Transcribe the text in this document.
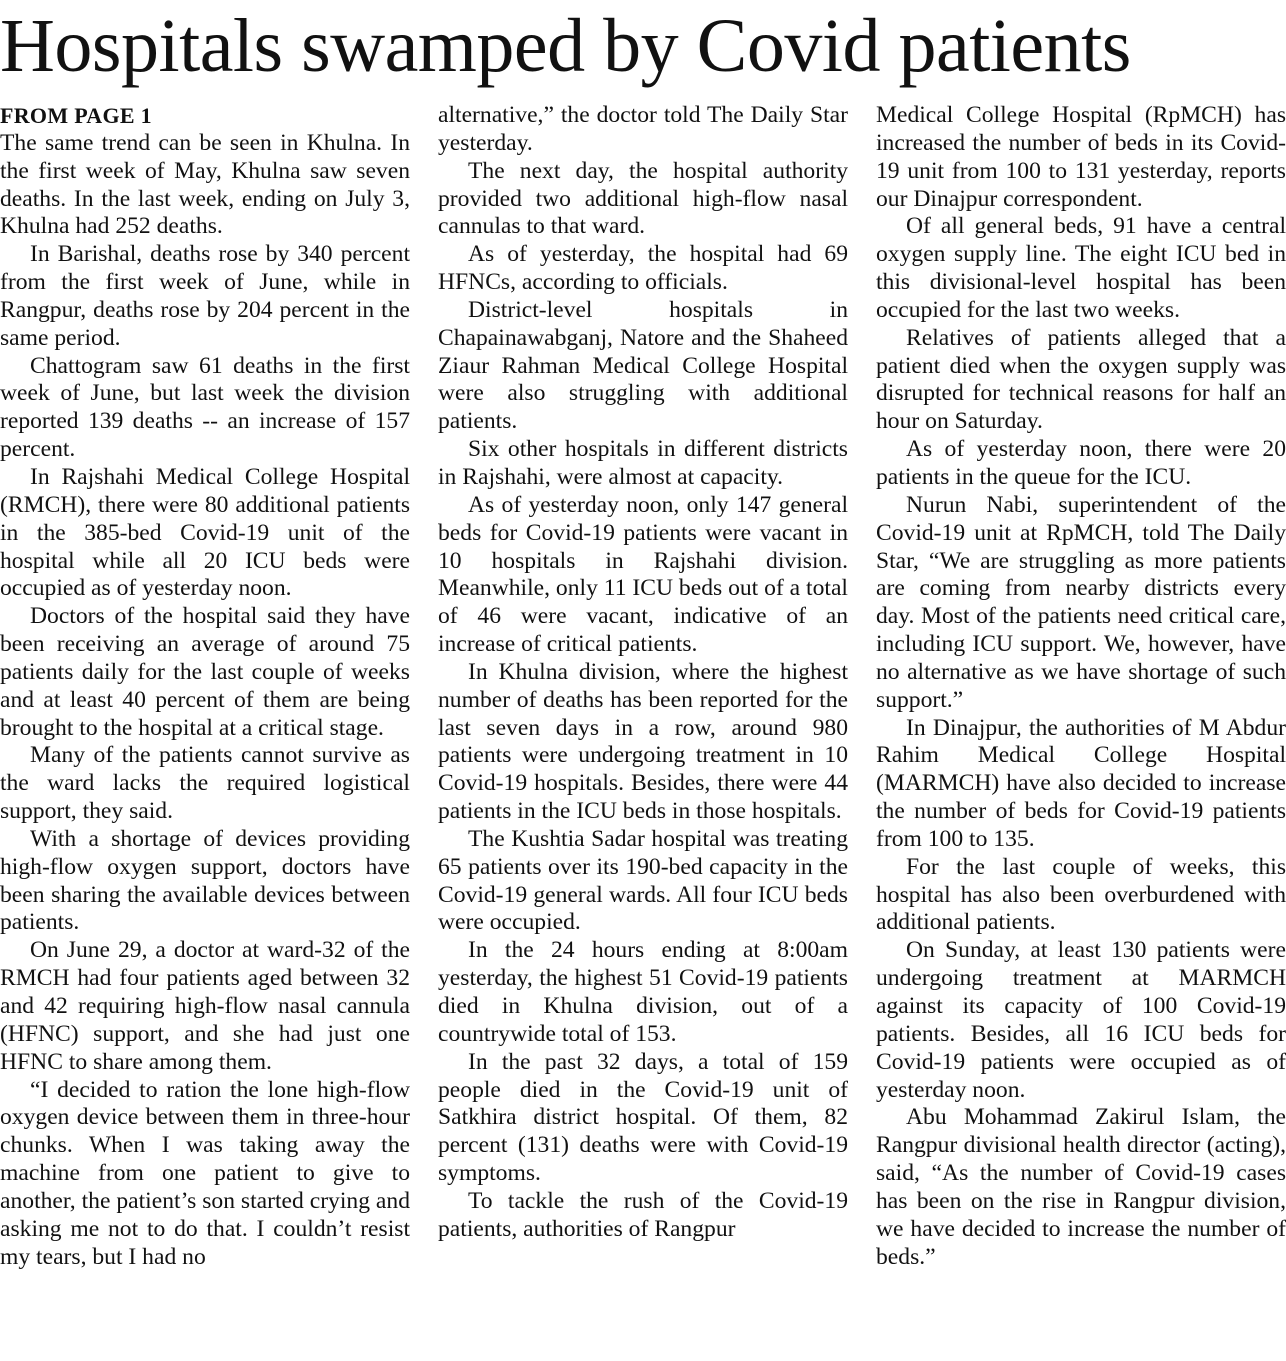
Hospitals swamped by Covid patients
FROM PAGE 1

The same trend can be seen in Khulna. In the first week of May, Khulna saw seven deaths. In the last week, ending on July 3, Khulna had 252 deaths.

In Barishal, deaths rose by 340 percent from the first week of June, while in Rangpur, deaths rose by 204 percent in the same period.

Chattogram saw 61 deaths in the first week of June, but last week the division reported 139 deaths -- an increase of 157 percent.

In Rajshahi Medical College Hospital (RMCH), there were 80 additional patients in the 385-bed Covid-19 unit of the hospital while all 20 ICU beds were occupied as of yesterday noon.

Doctors of the hospital said they have been receiving an average of around 75 patients daily for the last couple of weeks and at least 40 percent of them are being brought to the hospital at a critical stage.

Many of the patients cannot survive as the ward lacks the required logistical support, they said.

With a shortage of devices providing high-flow oxygen support, doctors have been sharing the available devices between patients.

On June 29, a doctor at ward-32 of the RMCH had four patients aged between 32 and 42 requiring high-flow nasal cannula (HFNC) support, and she had just one HFNC to share among them.

“I decided to ration the lone high-flow oxygen device between them in three-hour chunks. When I was taking away the machine from one patient to give to another, the patient’s son started crying and asking me not to do that. I couldn’t resist my tears, but I had no

alternative,” the doctor told The Daily Star yesterday.

The next day, the hospital authority provided two additional high-flow nasal cannulas to that ward.

As of yesterday, the hospital had 69 HFNCs, according to officials.

District-level hospitals in Chapainawabganj, Natore and the Shaheed Ziaur Rahman Medical College Hospital were also struggling with additional patients.

Six other hospitals in different districts in Rajshahi, were almost at capacity.

As of yesterday noon, only 147 general beds for Covid-19 patients were vacant in 10 hospitals in Rajshahi division. Meanwhile, only 11 ICU beds out of a total of 46 were vacant, indicative of an increase of critical patients.

In Khulna division, where the highest number of deaths has been reported for the last seven days in a row, around 980 patients were undergoing treatment in 10 Covid-19 hospitals. Besides, there were 44 patients in the ICU beds in those hospitals.

The Kushtia Sadar hospital was treating 65 patients over its 190-bed capacity in the Covid-19 general wards. All four ICU beds were occupied.

In the 24 hours ending at 8:00am yesterday, the highest 51 Covid-19 patients died in Khulna division, out of a countrywide total of 153.

In the past 32 days, a total of 159 people died in the Covid-19 unit of Satkhira district hospital. Of them, 82 percent (131) deaths were with Covid-19 symptoms.

To tackle the rush of the Covid-19 patients, authorities of Rangpur

Medical College Hospital (RpMCH) has increased the number of beds in its Covid-19 unit from 100 to 131 yesterday, reports our Dinajpur correspondent.

Of all general beds, 91 have a central oxygen supply line. The eight ICU bed in this divisional-level hospital has been occupied for the last two weeks.

Relatives of patients alleged that a patient died when the oxygen supply was disrupted for technical reasons for half an hour on Saturday.

As of yesterday noon, there were 20 patients in the queue for the ICU.

Nurun Nabi, superintendent of the Covid-19 unit at RpMCH, told The Daily Star, “We are struggling as more patients are coming from nearby districts every day. Most of the patients need critical care, including ICU support. We, however, have no alternative as we have shortage of such support.”

In Dinajpur, the authorities of M Abdur Rahim Medical College Hospital (MARMCH) have also decided to increase the number of beds for Covid-19 patients from 100 to 135.

For the last couple of weeks, this hospital has also been overburdened with additional patients.

On Sunday, at least 130 patients were undergoing treatment at MARMCH against its capacity of 100 Covid-19 patients. Besides, all 16 ICU beds for Covid-19 patients were occupied as of yesterday noon.

Abu Mohammad Zakirul Islam, the Rangpur divisional health director (acting), said, “As the number of Covid-19 cases has been on the rise in Rangpur division, we have decided to increase the number of beds.”
